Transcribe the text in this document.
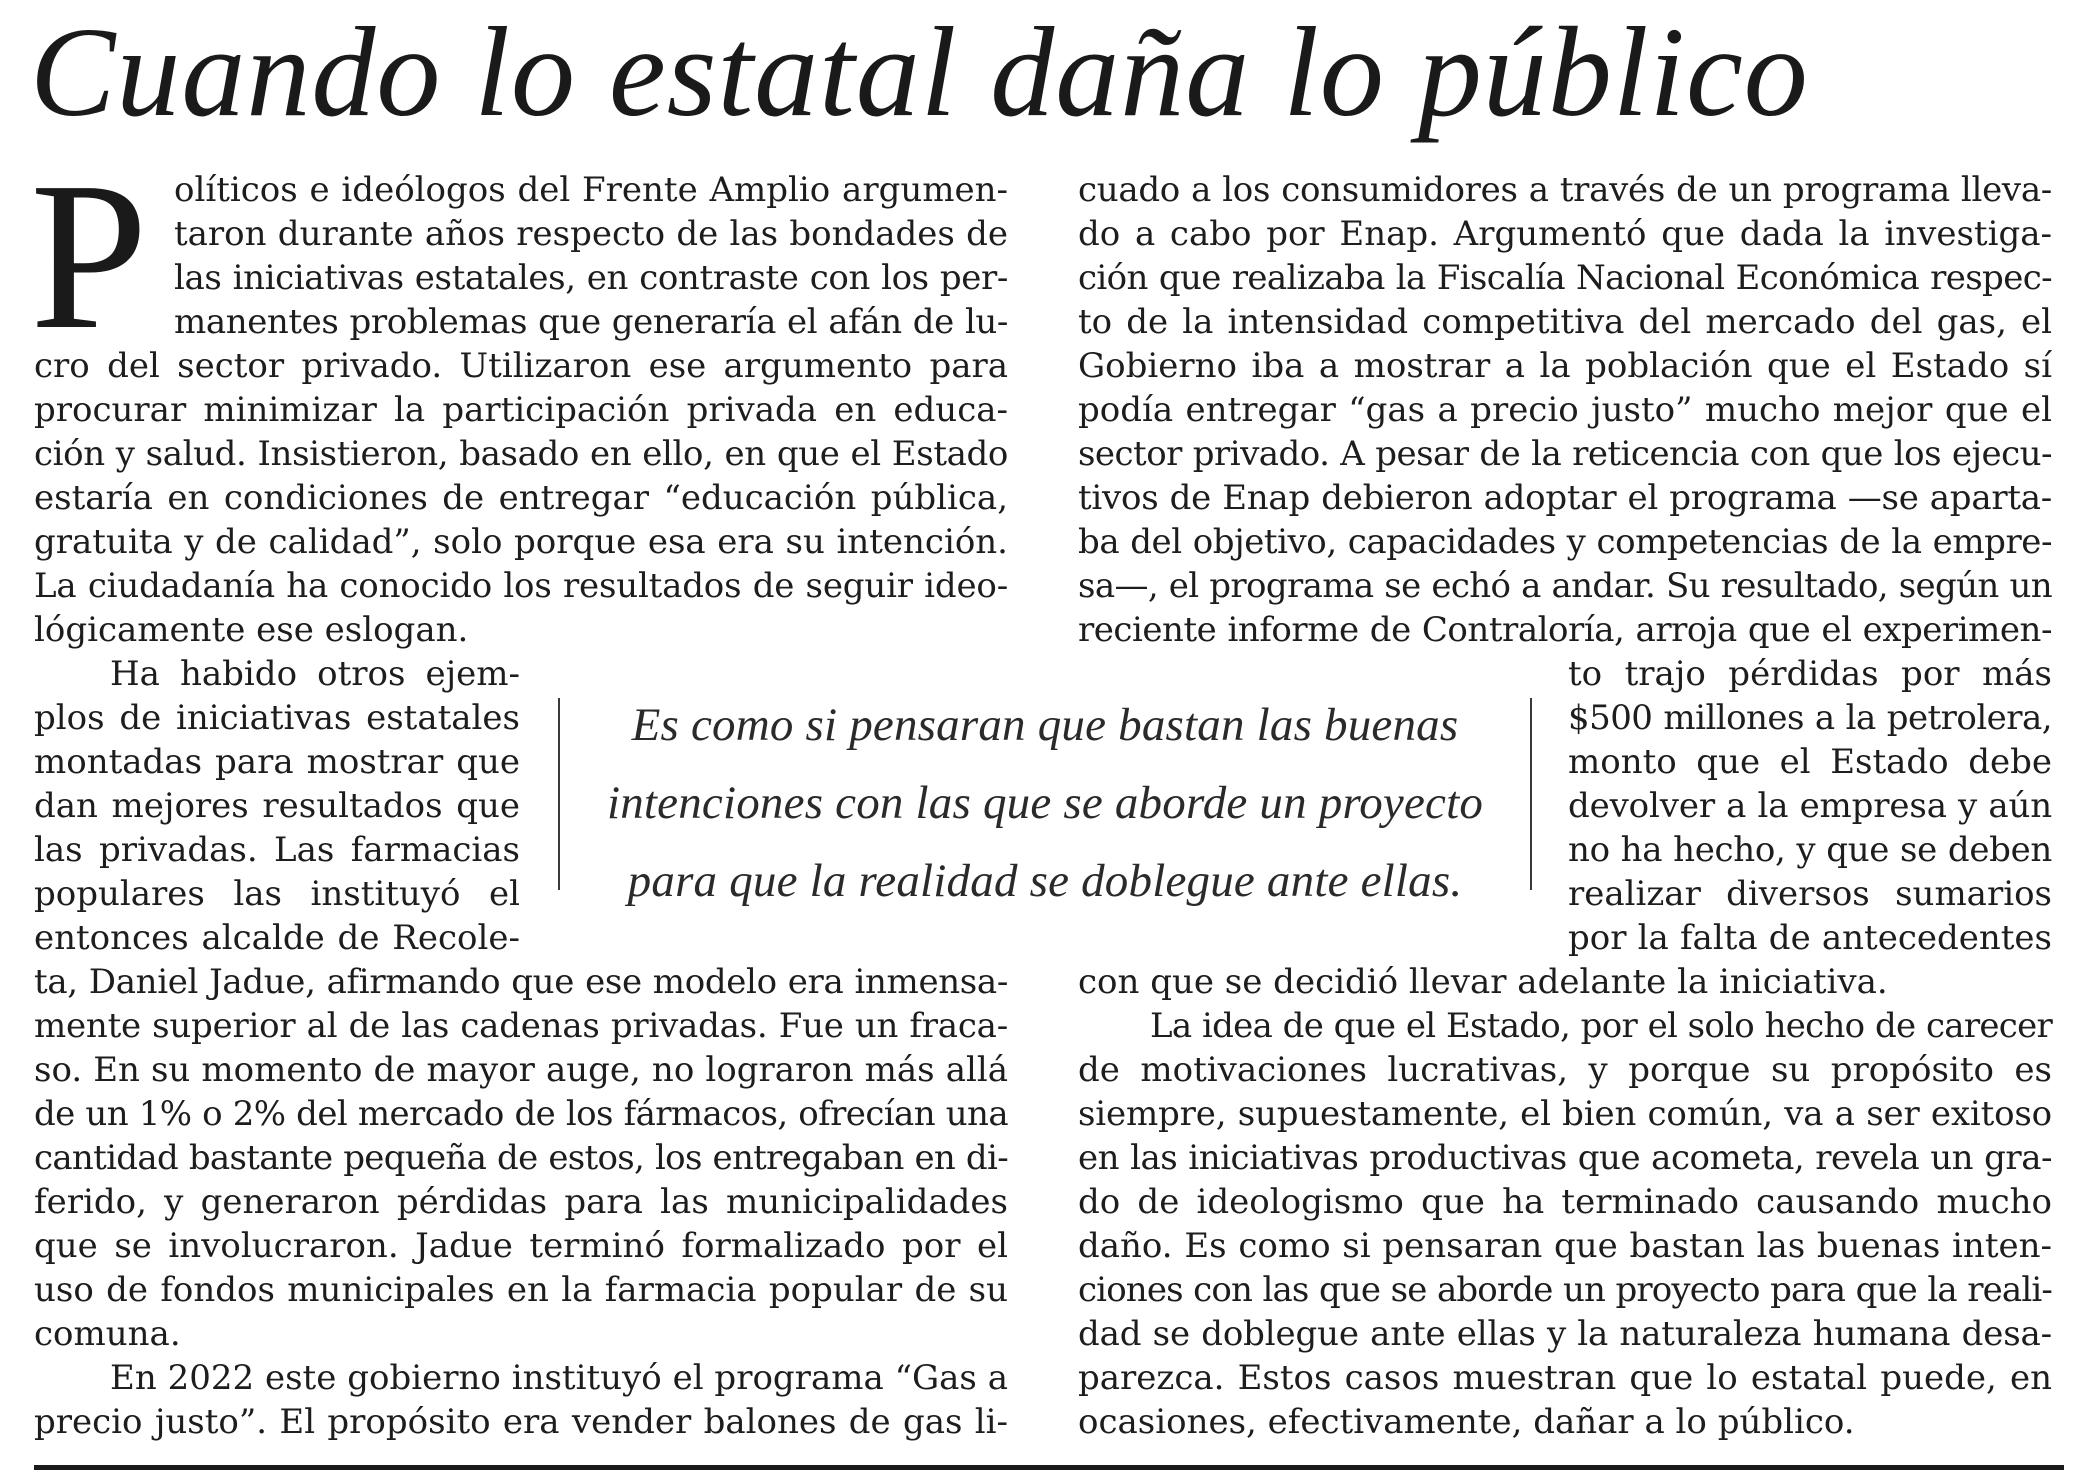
Cuando lo estatal daña lo público
P olíticos e ideólogos del Frente Amplio argumen-
taron durante años respecto de las bondades de
las iniciativas estatales, en contraste con los per-
manentes problemas que generaría el afán de lu-
cro del sector privado. Utilizaron ese argumento para
procurar minimizar la participación privada en educa-
ción y salud. Insistieron, basado en ello, en que el Estado
estaría en condiciones de entregar “educación pública,
gratuita y de calidad”, solo porque esa era su intención.
La ciudadanía ha conocido los resultados de seguir ideo-
lógicamente ese eslogan.
Ha habido otros ejem-
plos de iniciativas estatales
montadas para mostrar que
dan mejores resultados que
las privadas. Las farmacias
populares las instituyó el
entonces alcalde de Recole-
ta, Daniel Jadue, afirmando que ese modelo era inmensa-
mente superior al de las cadenas privadas. Fue un fraca-
so. En su momento de mayor auge, no lograron más allá
de un 1% o 2% del mercado de los fármacos, ofrecían una
cantidad bastante pequeña de estos, los entregaban en di-
ferido, y generaron pérdidas para las municipalidades
que se involucraron. Jadue terminó formalizado por el
uso de fondos municipales en la farmacia popular de su
comuna.
En 2022 este gobierno instituyó el programa “Gas a
precio justo”. El propósito era vender balones de gas li-
cuado a los consumidores a través de un programa lleva-
do a cabo por Enap. Argumentó que dada la investiga-
ción que realizaba la Fiscalía Nacional Económica respec-
to de la intensidad competitiva del mercado del gas, el
Gobierno iba a mostrar a la población que el Estado sí
podía entregar “gas a precio justo” mucho mejor que el
sector privado. A pesar de la reticencia con que los ejecu-
tivos de Enap debieron adoptar el programa —se aparta-
ba del objetivo, capacidades y competencias de la empre-
sa—, el programa se echó a andar. Su resultado, según un
reciente informe de Contraloría, arroja que el experimen-
to trajo pérdidas por más
$500 millones a la petrolera,
monto que el Estado debe
devolver a la empresa y aún
no ha hecho, y que se deben
realizar diversos sumarios
por la falta de antecedentes
con que se decidió llevar adelante la iniciativa.
La idea de que el Estado, por el solo hecho de carecer
de motivaciones lucrativas, y porque su propósito es
siempre, supuestamente, el bien común, va a ser exitoso
en las iniciativas productivas que acometa, revela un gra-
do de ideologismo que ha terminado causando mucho
daño. Es como si pensaran que bastan las buenas inten-
ciones con las que se aborde un proyecto para que la reali-
dad se doblegue ante ellas y la naturaleza humana desa-
parezca. Estos casos muestran que lo estatal puede, en
ocasiones, efectivamente, dañar a lo público.
Es como si pensaran que bastan las buenas
intenciones con las que se aborde un proyecto
para que la realidad se doblegue ante ellas.
